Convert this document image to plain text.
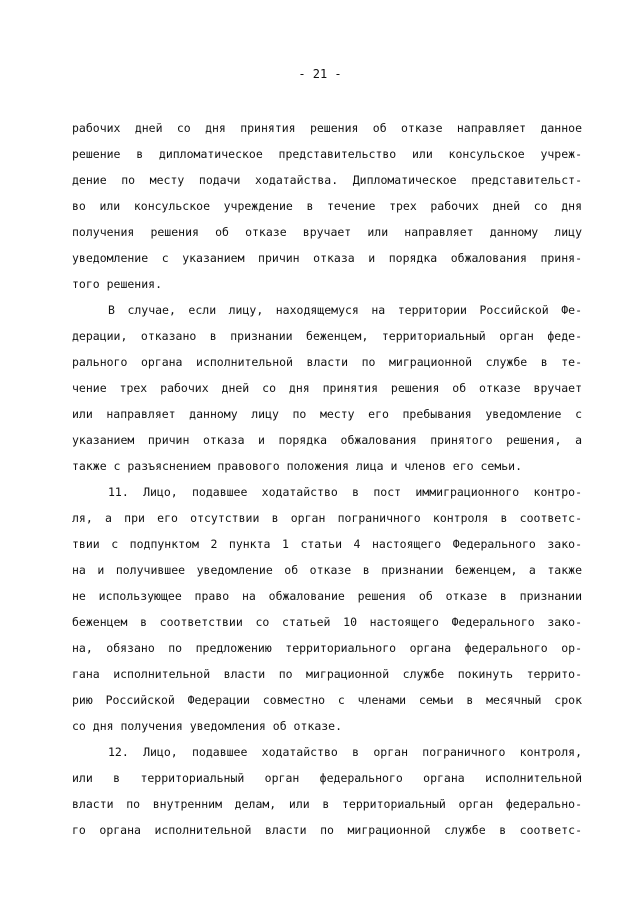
- 21 -
рабочих дней со дня принятия решения об отказе направляет данное
решение в дипломатическое представительство или консульское учреж-
дение по месту подачи ходатайства. Дипломатическое представительст-
во или консульское учреждение в течение трех рабочих дней со дня
получения решения об отказе вручает или направляет данному лицу
уведомление с указанием причин отказа и порядка обжалования приня-
того решения.
В случае, если лицу, находящемуся на территории Российской Фе-
дерации, отказано в признании беженцем, территориальный орган феде-
рального органа исполнительной власти по миграционной службе в те-
чение трех рабочих дней со дня принятия решения об отказе вручает
или направляет данному лицу по месту его пребывания уведомление с
указанием причин отказа и порядка обжалования принятого решения, а
также с разъяснением правового положения лица и членов его семьи.
11. Лицо, подавшее ходатайство в пост иммиграционного контро-
ля, а при его отсутствии в орган пограничного контроля в соответс-
твии с подпунктом 2 пункта 1 статьи 4 настоящего Федерального зако-
на и получившее уведомление об отказе в признании беженцем, а также
не использующее право на обжалование решения об отказе в признании
беженцем в соответствии со статьей 10 настоящего Федерального зако-
на, обязано по предложению территориального органа федерального ор-
гана исполнительной власти по миграционной службе покинуть террито-
рию Российской Федерации совместно с членами семьи в месячный срок
со дня получения уведомления об отказе.
12. Лицо, подавшее ходатайство в орган пограничного контроля,
или в территориальный орган федерального органа исполнительной
власти по внутренним делам, или в территориальный орган федерально-
го органа исполнительной власти по миграционной службе в соответс-
